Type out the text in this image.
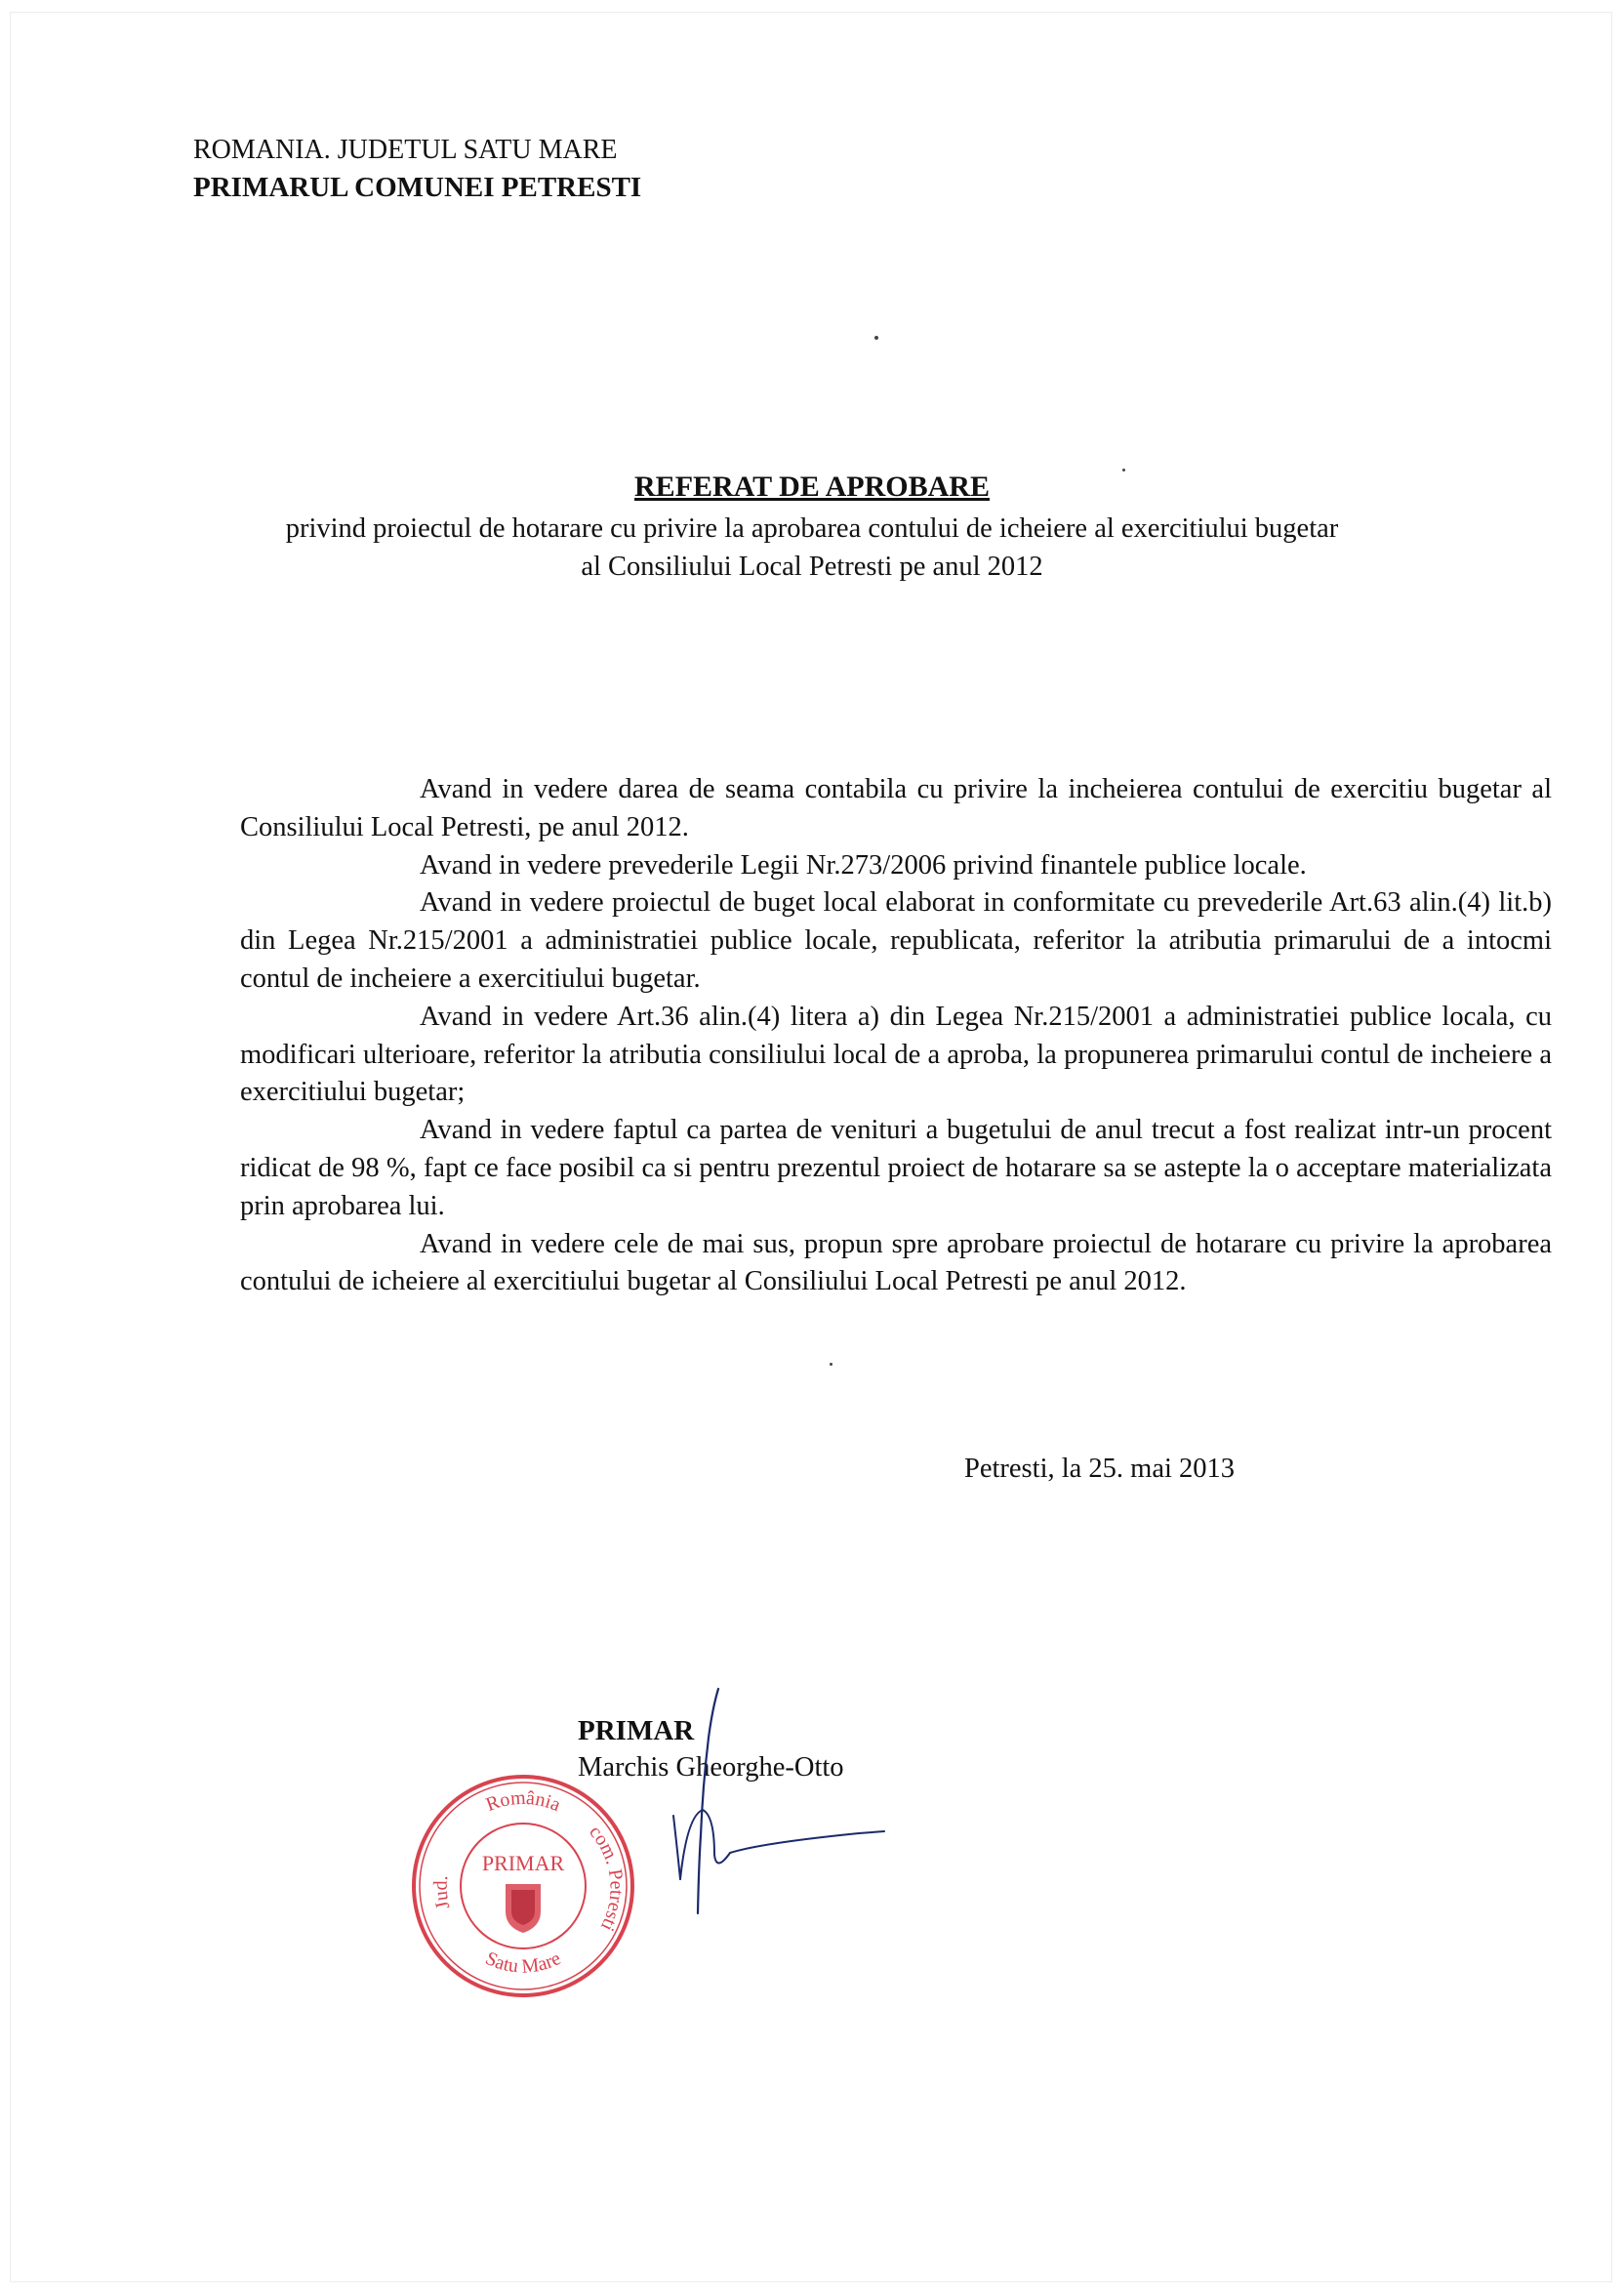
ROMANIA. JUDETUL SATU MARE
PRIMARUL COMUNEI PETRESTI
REFERAT DE APROBARE
privind proiectul de hotarare cu privire la aprobarea contului de icheiere al exercitiului bugetar
al Consiliului Local Petresti pe anul 2012

Avand in vedere darea de seama contabila cu privire la incheierea contului de exercitiu bugetar al Consiliului Local Petresti, pe anul 2012.

Avand in vedere prevederile Legii Nr.273/2006 privind finantele publice locale.

Avand in vedere proiectul de buget local elaborat in conformitate cu prevederile Art.63 alin.(4) lit.b) din Legea Nr.215/2001 a administratiei publice locale, republicata, referitor la atributia primarului de a intocmi contul de incheiere a exercitiului bugetar.

Avand in vedere Art.36 alin.(4) litera a) din Legea Nr.215/2001 a administratiei publice locala, cu modificari ulterioare, referitor la atributia consiliului local de a aproba, la propunerea primarului contul de incheiere a exercitiului bugetar;

Avand in vedere faptul ca partea de venituri a bugetului de anul trecut a fost realizat intr-un procent ridicat de 98 %, fapt ce face posibil ca si pentru prezentul proiect de hotarare sa se astepte la o acceptare materializata prin aprobarea lui.

Avand in vedere cele de mai sus, propun spre aprobare proiectul de hotarare cu privire la aprobarea contului de icheiere al exercitiului bugetar al Consiliului Local Petresti pe anul 2012.

Petresti, la 25. mai 2013
România
Jud.
Satu Mare
com. Petresti
PRIMAR
PRIMAR
Marchis Gheorghe-Otto
